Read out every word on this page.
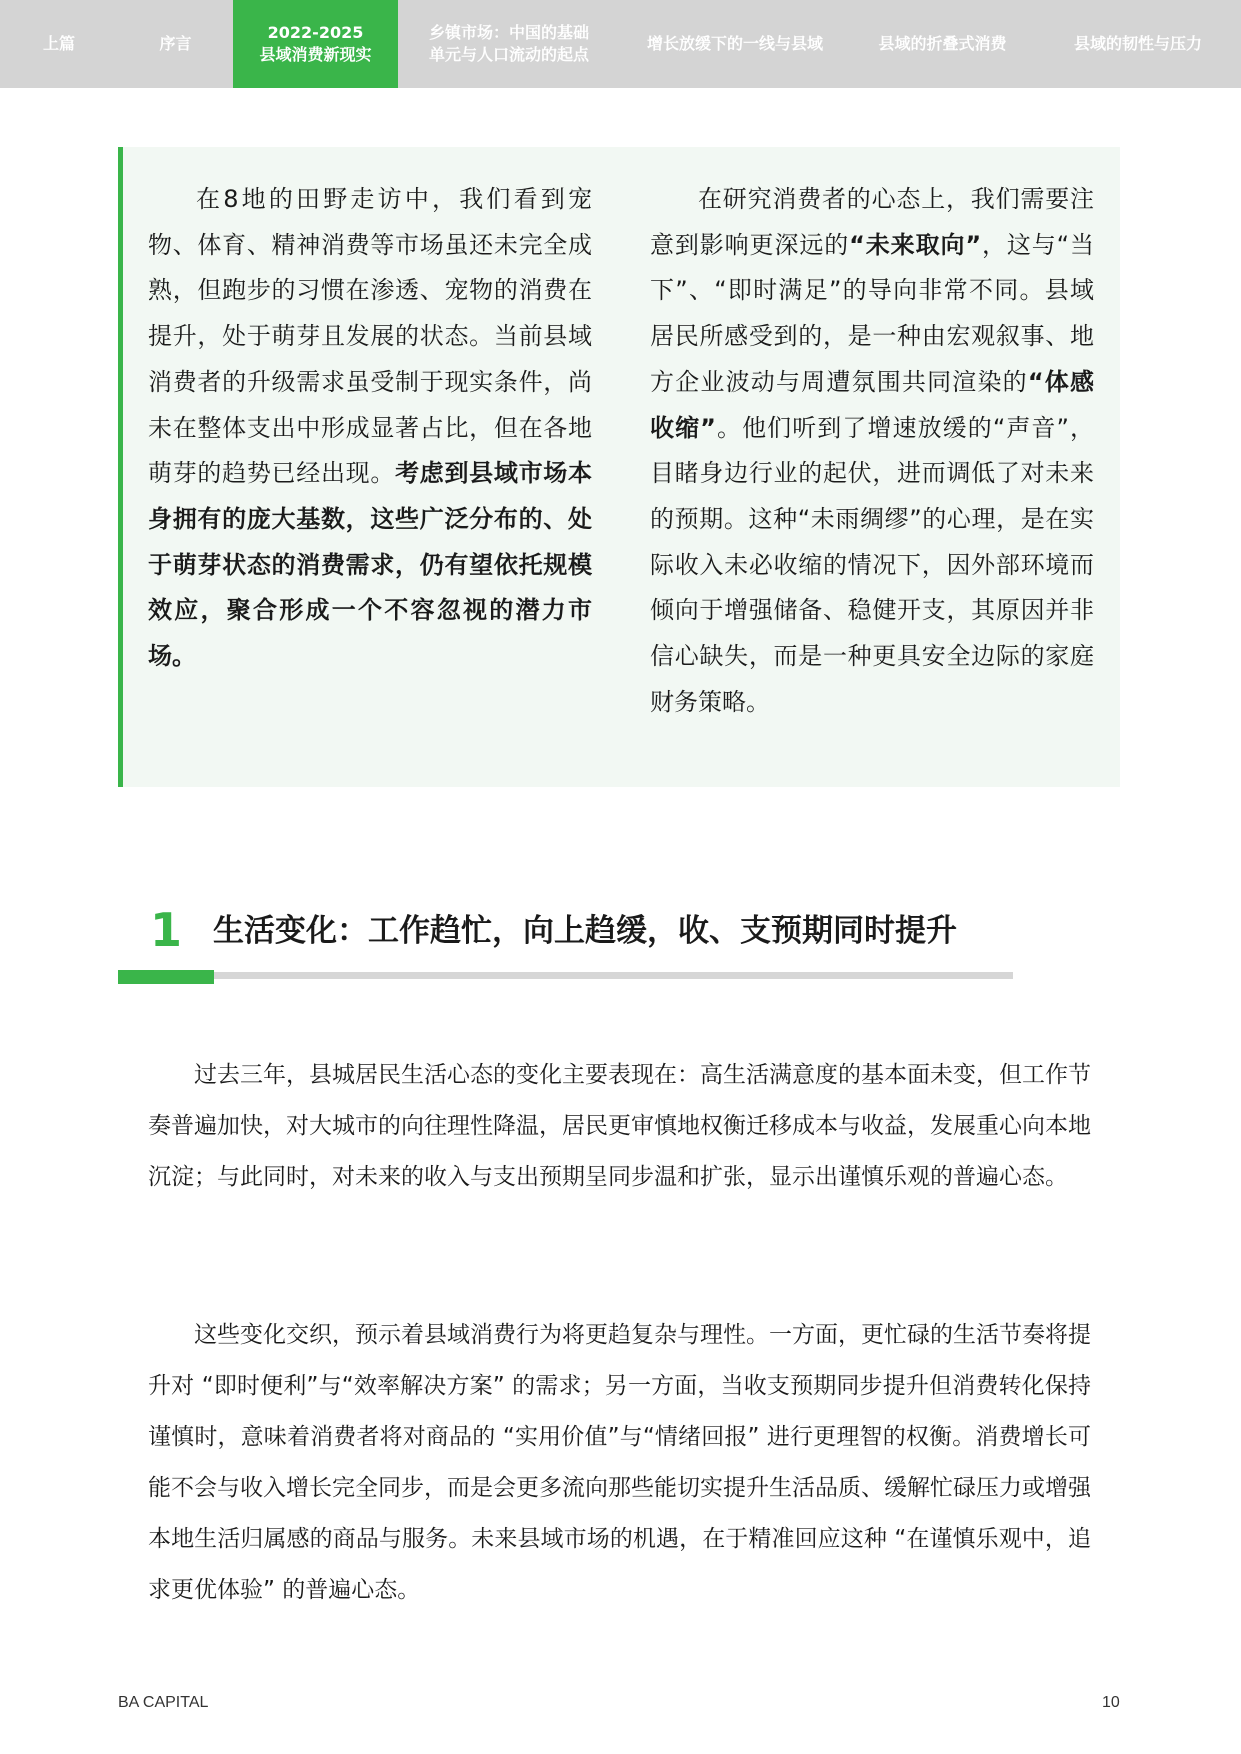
上篇	序言
2022-2025
县域消费新现实
乡镇市场：中国的基础
单元与人口流动的起点
增长放缓下的一线与县域	县域的折叠式消费	县域的韧性与压力

在8地的田野走访中，我们看到宠物、体育、精神消费等市场虽还未完全成熟，但跑步的习惯在渗透、宠物的消费在提升，处于萌芽且发展的状态。当前县域消费者的升级需求虽受制于现实条件，尚未在整体支出中形成显著占比，但在各地萌芽的趋势已经出现。考虑到县域市场本身拥有的庞大基数，这些广泛分布的、处于萌芽状态的消费需求，仍有望依托规模效应，聚合形成一个不容忽视的潜力市场。

在研究消费者的心态上，我们需要注意到影响更深远的“未来取向”，这与“当下”、“即时满足”的导向非常不同。县域居民所感受到的，是一种由宏观叙事、地方企业波动与周遭氛围共同渲染的“体感收缩”。他们听到了增速放缓的“声音”，目睹身边行业的起伏，进而调低了对未来的预期。这种“未雨绸缪”的心理，是在实际收入未必收缩的情况下，因外部环境而倾向于增强储备、稳健开支，其原因并非信心缺失，而是一种更具安全边际的家庭财务策略。

1 生活变化：工作趋忙，向上趋缓，收、支预期同时提升

过去三年，县城居民生活心态的变化主要表现在：高生活满意度的基本面未变，但工作节奏普遍加快，对大城市的向往理性降温，居民更审慎地权衡迁移成本与收益，发展重心向本地沉淀；与此同时，对未来的收入与支出预期呈同步温和扩张，显示出谨慎乐观的普遍心态。

这些变化交织，预示着县域消费行为将更趋复杂与理性。一方面，更忙碌的生活节奏将提升对 “即时便利”与“效率解决方案” 的需求；另一方面，当收支预期同步提升但消费转化保持谨慎时，意味着消费者将对商品的 “实用价值”与“情绪回报” 进行更理智的权衡。消费增长可能不会与收入增长完全同步，而是会更多流向那些能切实提升生活品质、缓解忙碌压力或增强本地生活归属感的商品与服务。未来县域市场的机遇，在于精准回应这种 “在谨慎乐观中，追求更优体验” 的普遍心态。

BA CAPITAL	10
